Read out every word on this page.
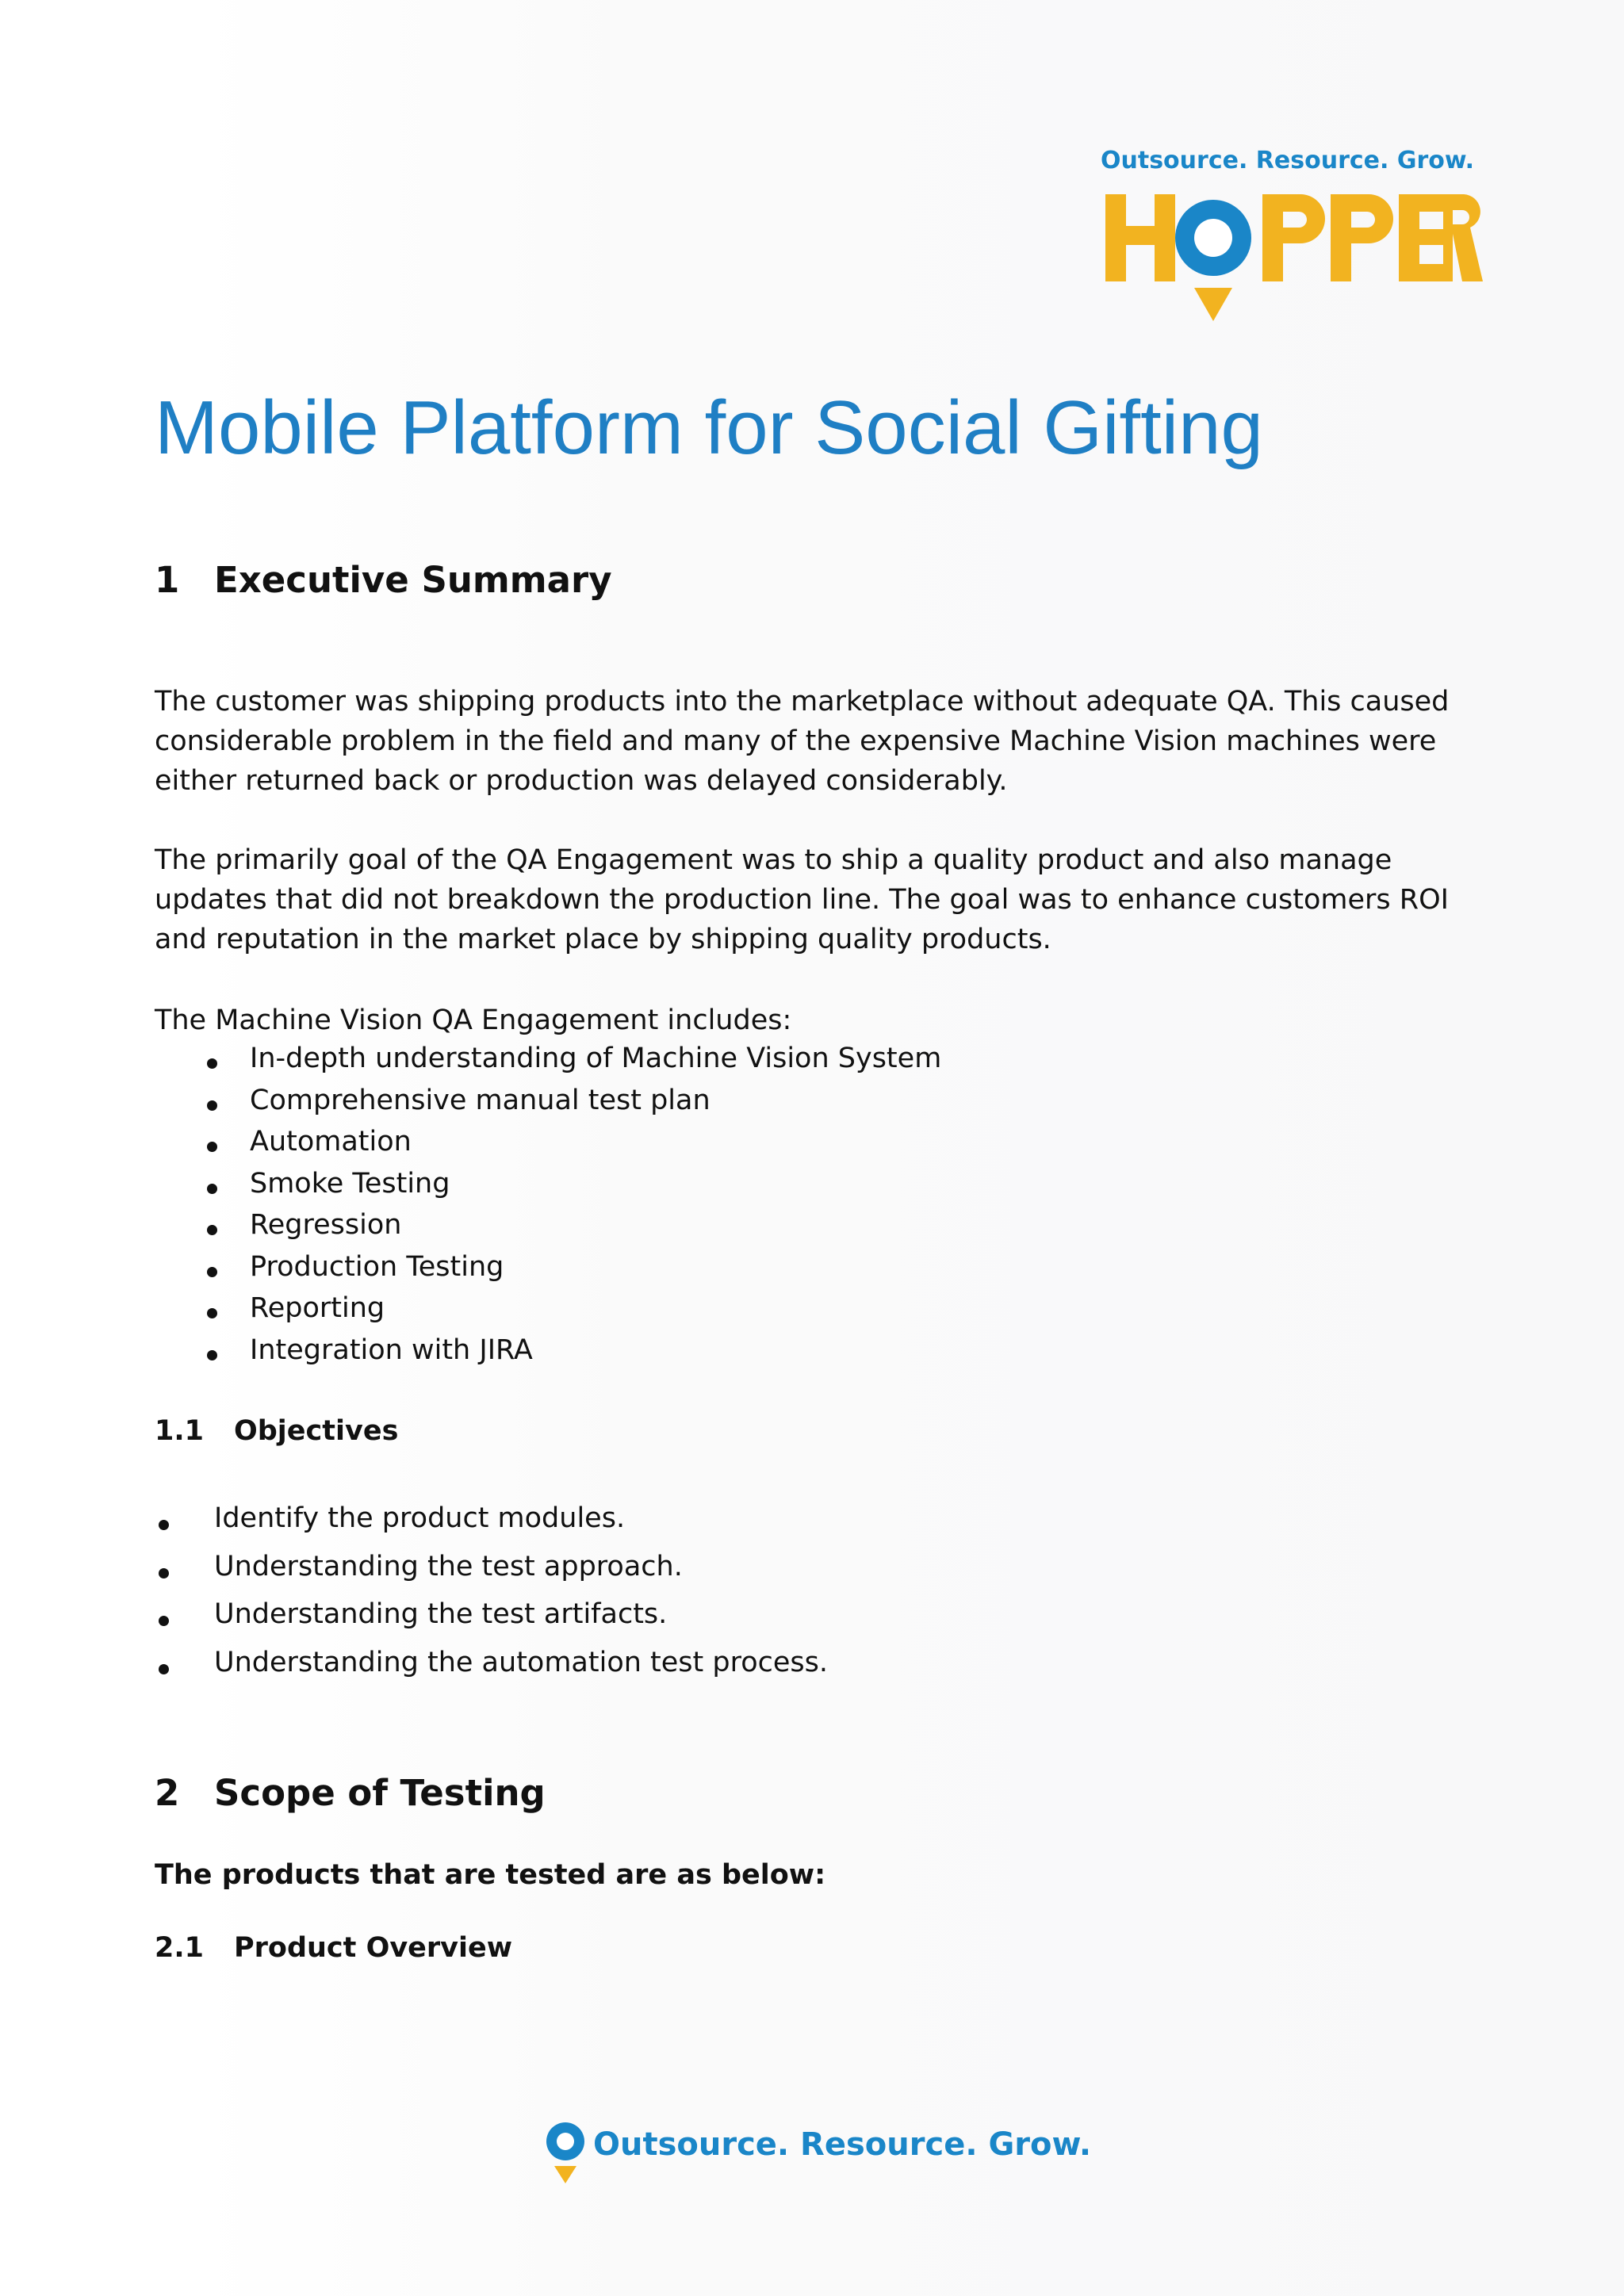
Outsource. Resource. Grow.
Mobile Platform for Social Gifting
1 Executive Summary

The customer was shipping products into the marketplace without adequate QA. This caused considerable problem in the field and many of the expensive Machine Vision machines were either returned back or production was delayed considerably.

The primarily goal of the QA Engagement was to ship a quality product and also manage updates that did not breakdown the production line. The goal was to enhance customers ROI and reputation in the market place by shipping quality products.

The Machine Vision QA Engagement includes:

In-depth understanding of Machine Vision System
Comprehensive manual test plan
Automation
Smoke Testing
Regression
Production Testing
Reporting
Integration with JIRA
1.1 Objectives
Identify the product modules.
Understanding the test approach.
Understanding the test artifacts.
Understanding the automation test process.
2 Scope of Testing
The products that are tested are as below:
2.1 Product Overview
Outsource. Resource. Grow.
